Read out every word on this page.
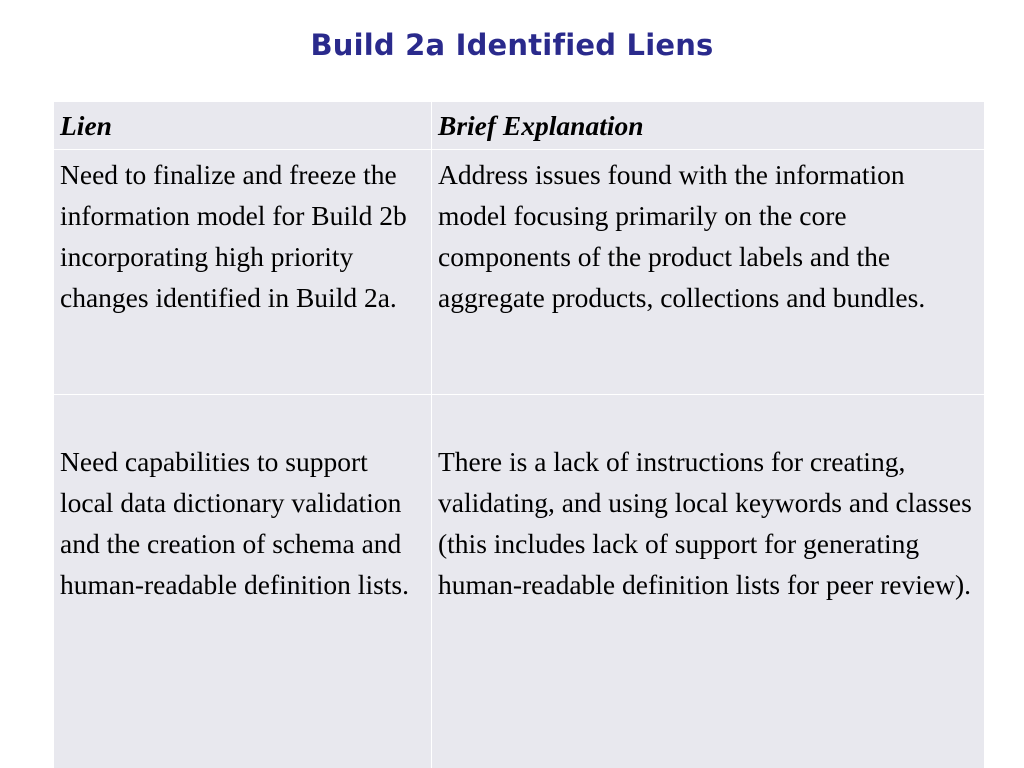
Build 2a Identified Liens
Lien	Brief Explanation
Need to finalize and freeze the information model for Build 2b incorporating high priority changes identified in Build 2a.	Address issues found with the information model focusing primarily on the core components of the product labels and the aggregate products, collections and bundles.
Need capabilities to support local data dictionary validation and the creation of schema and human-readable definition lists.	There is a lack of instructions for creating, validating, and using local keywords and classes (this includes lack of support for generating human-readable definition lists for peer review).
